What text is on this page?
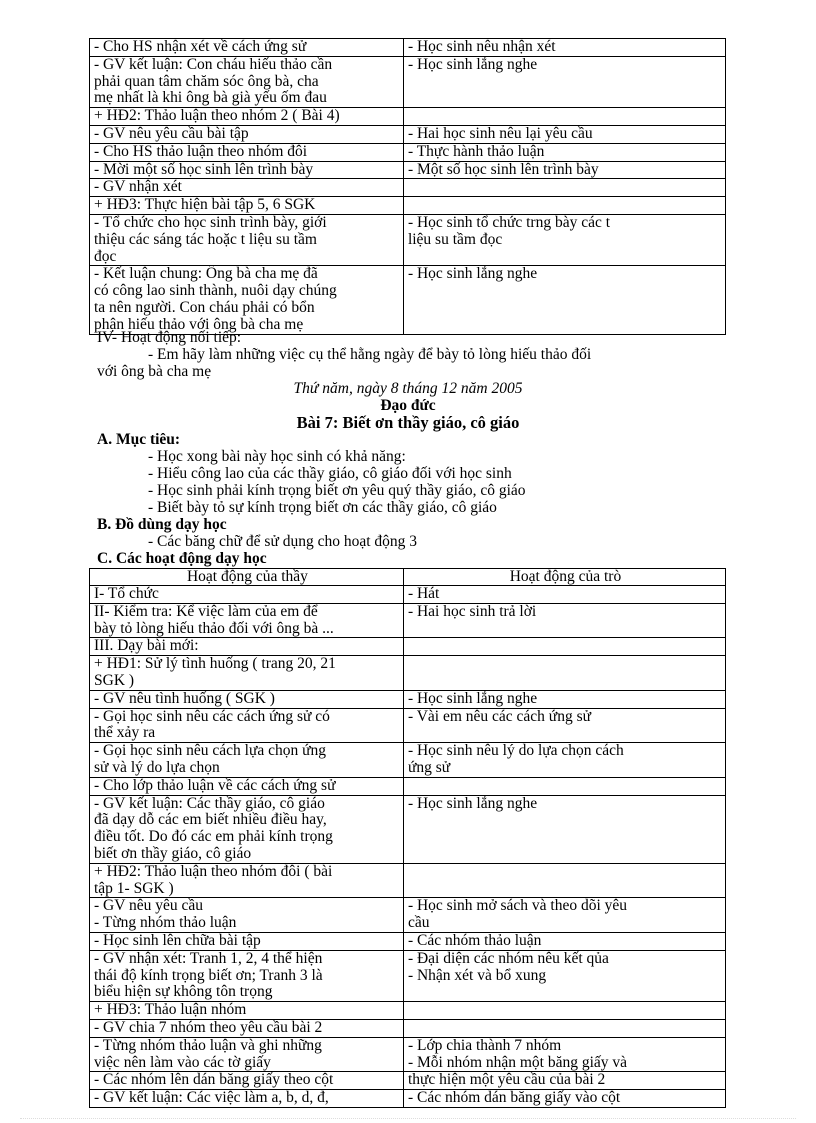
- Cho HS nhận xét về cách ứng sử	- Học sinh nêu nhận xét

- GV kết luận: Con cháu hiếu thảo cần
phải quan tâm chăm sóc ông bà, cha
mẹ nhất là khi ông bà già yếu ốm đau	- Học sinh lắng nghe

+ HĐ2: Thảo luận theo nhóm 2 ( Bài 4)	

- GV nêu yêu cầu bài tập	- Hai học sinh nêu lại yêu cầu

- Cho HS thảo luận theo nhóm đôi	- Thực hành thảo luận

- Mời một số học sinh lên trình bày	- Một số học sinh lên trình bày

- GV nhận xét	

+ HĐ3: Thực hiện bài tập 5, 6 SGK	

- Tổ chức cho học sinh trình bày, giới
thiệu các sáng tác hoặc t liệu su tầm
đọc	- Học sinh tổ chức trng bày các t
liệu su tầm đọc

- Kết luận chung: Ông bà cha mẹ đã
có công lao sinh thành, nuôi dạy chúng
ta nên người. Con cháu phải có bổn
phận hiếu thảo với ông bà cha mẹ	- Học sinh lắng nghe
IV- Hoạt động nối tiếp:
- Em hãy làm những việc cụ thể hằng ngày để bày tỏ lòng hiếu thảo đối
với ông bà cha mẹ
Thứ năm, ngày 8 tháng 12 năm 2005
Đạo đức
Bài 7: Biết ơn thầy giáo, cô giáo
A. Mục tiêu:
- Học xong bài này học sinh có khả năng:
- Hiểu công lao của các thầy giáo, cô giáo đối với học sinh
- Học sinh phải kính trọng biết ơn yêu quý thầy giáo, cô giáo
- Biết bày tỏ sự kính trọng biết ơn các thầy giáo, cô giáo
B. Đồ dùng dạy học
- Các băng chữ để sử dụng cho hoạt động 3
C. Các hoạt động dạy học
Hoạt động của thầy	Hoạt động của trò

I- Tổ chức	- Hát

II- Kiểm tra: Kể việc làm của em để
bày tỏ lòng hiếu thảo đối với ông bà ...	- Hai học sinh trả lời

III. Dạy bài mới:	

+ HĐ1: Sử lý tình huống ( trang 20, 21
SGK )	

- GV nêu tình huống ( SGK )	- Học sinh lắng nghe

- Gọi học sinh nêu các cách ứng sử có
thể xảy ra	- Vài em nêu các cách ứng sử

- Gọi học sinh nêu cách lựa chọn ứng
sử và lý do lựa chọn	- Học sinh nêu lý do lựa chọn cách
ứng sử

- Cho lớp thảo luận về các cách ứng sử	

- GV kết luận: Các thầy giáo, cô giáo
đã dạy dỗ các em biết nhiều điều hay,
điều tốt. Do đó các em phải kính trọng
biết ơn thầy giáo, cô giáo	- Học sinh lắng nghe

+ HĐ2: Thảo luận theo nhóm đôi ( bài
tập 1- SGK )	

- GV nêu yêu cầu
- Từng nhóm thảo luận	- Học sinh mở sách và theo dõi yêu
cầu

- Học sinh lên chữa bài tập	- Các nhóm thảo luận

- GV nhận xét: Tranh 1, 2, 4 thể hiện
thái độ kính trọng biết ơn; Tranh 3 là
biểu hiện sự không tôn trọng	- Đại diện các nhóm nêu kết qủa
- Nhận xét và bổ xung

+ HĐ3: Thảo luận nhóm	

- GV chia 7 nhóm theo yêu cầu bài 2	

- Từng nhóm thảo luận và ghi những
việc nên làm vào các tờ giấy	- Lớp chia thành 7 nhóm
- Mỗi nhóm nhận một băng giấy và

- Các nhóm lên dán băng giấy theo cột	thực hiện một yêu cầu của bài 2

- GV kết luận: Các việc làm a, b, d, đ,	- Các nhóm dán băng giấy vào cột
